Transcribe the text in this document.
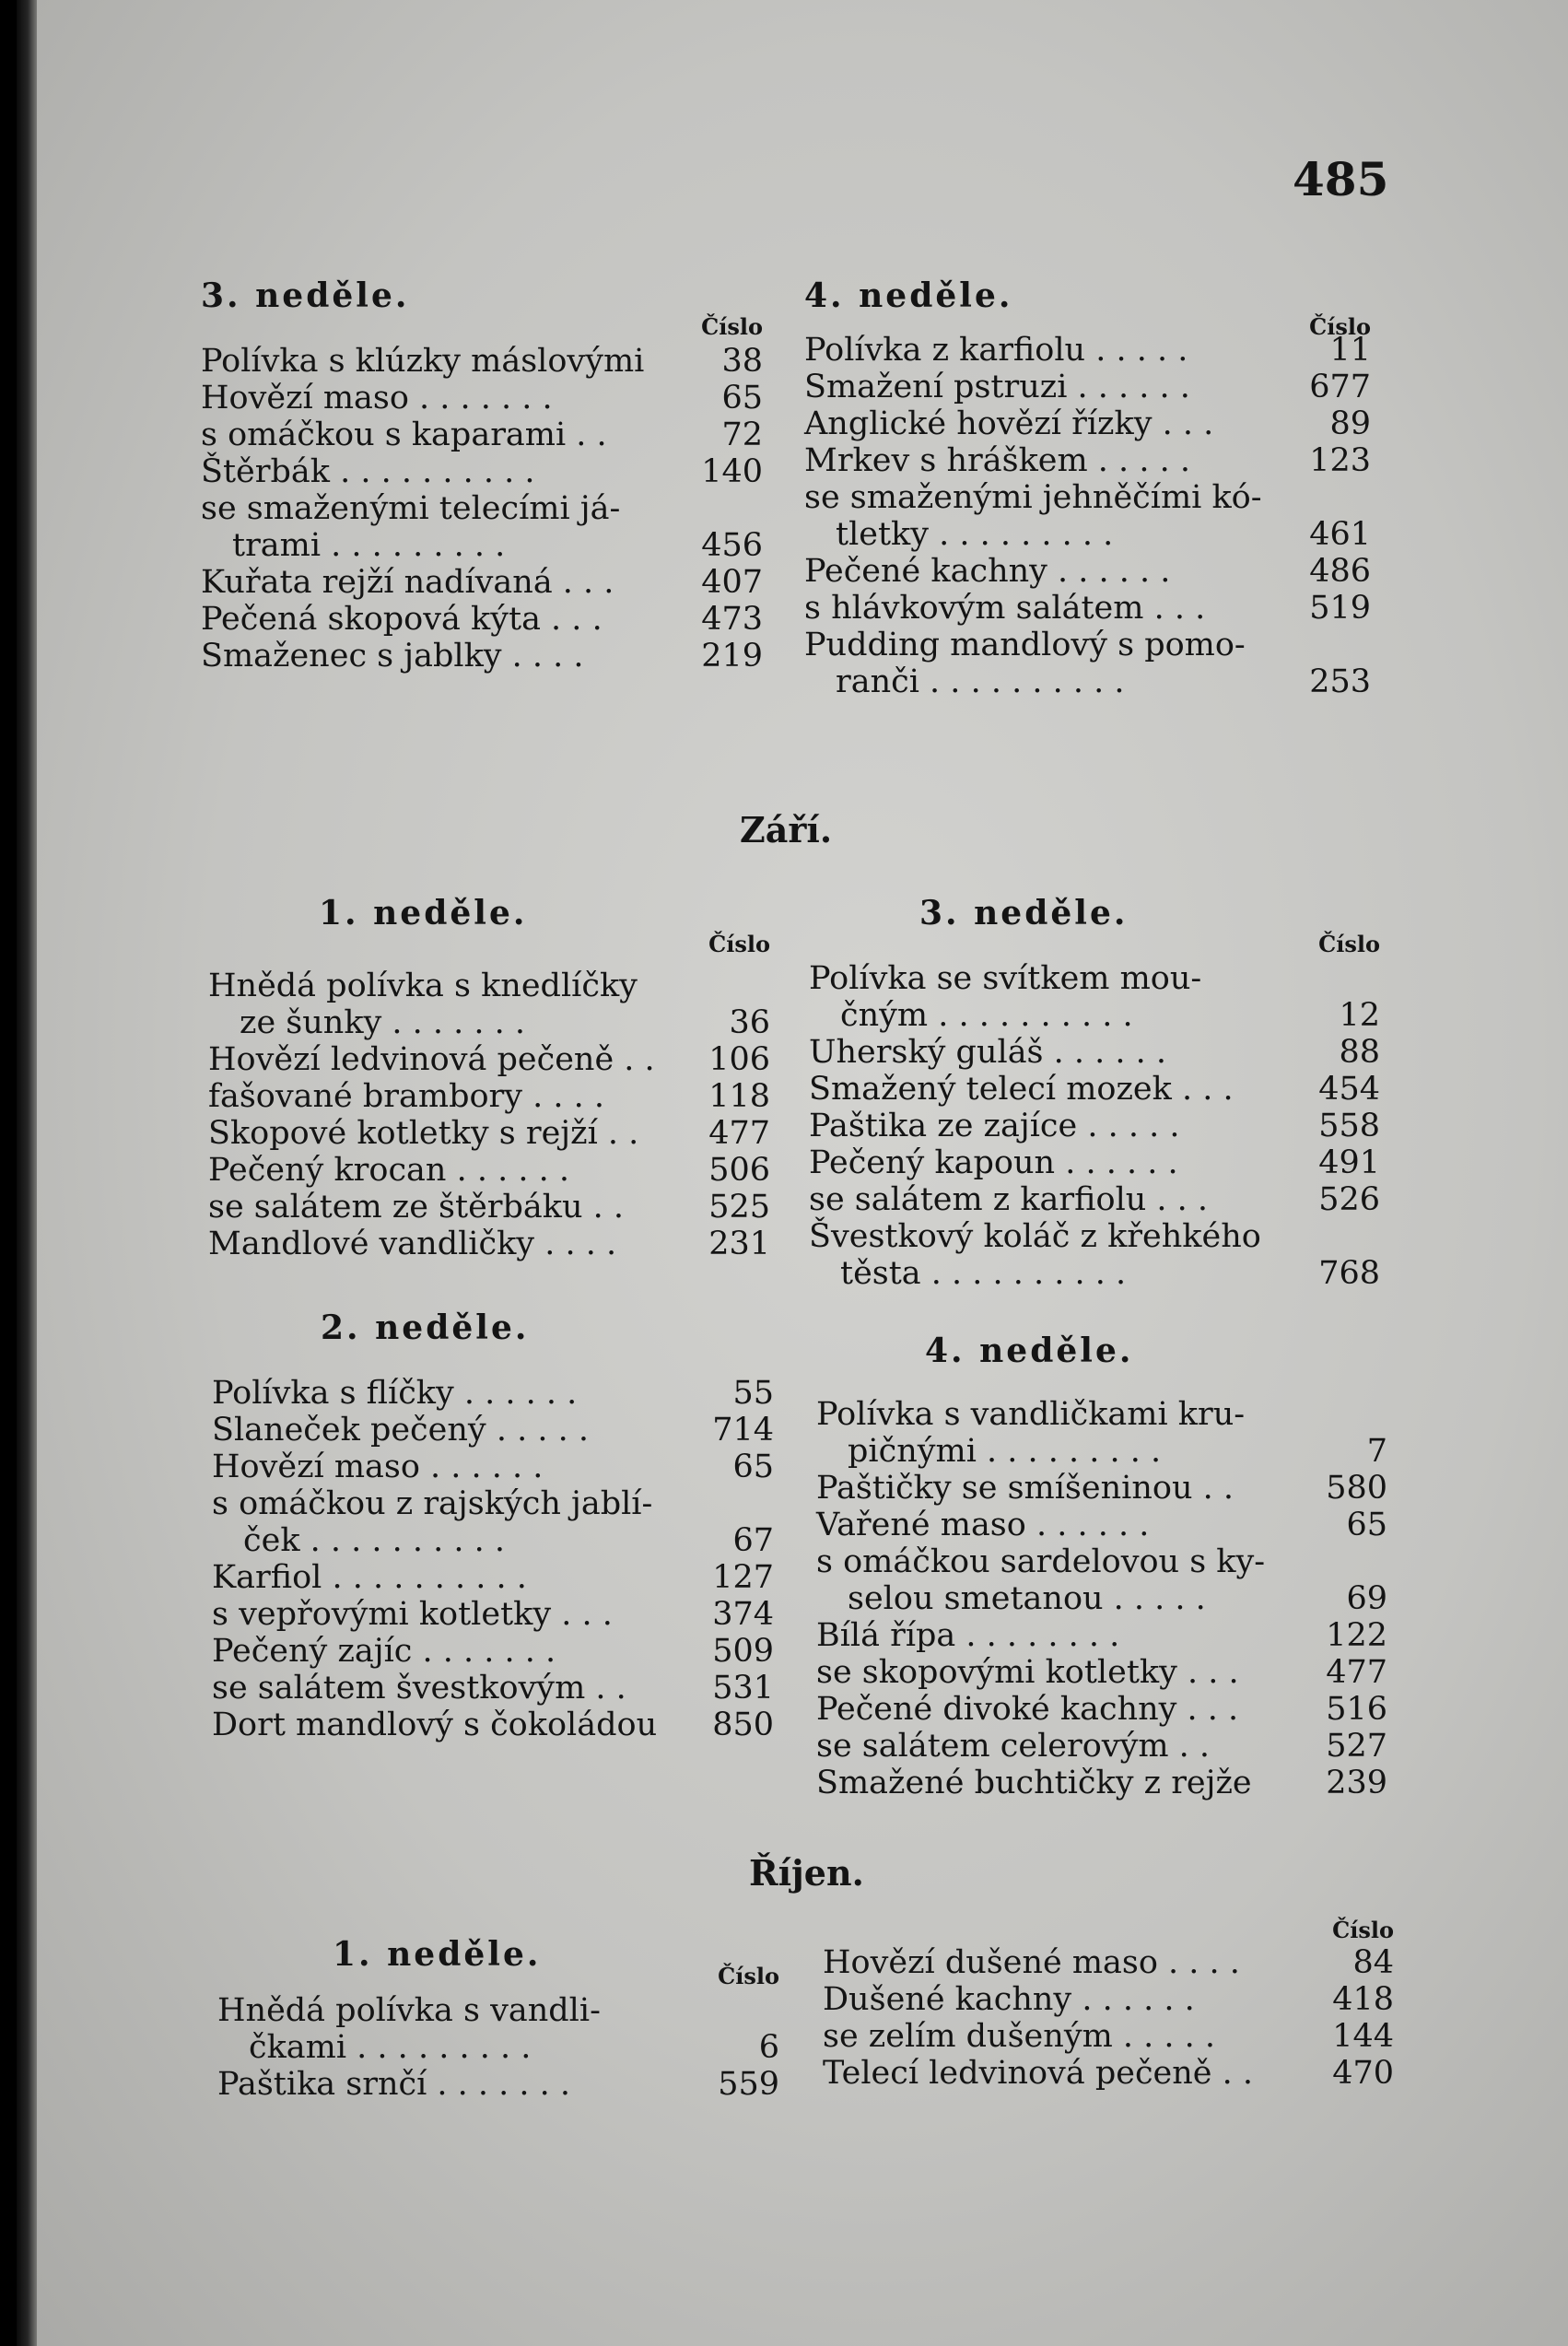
485
3. neděle.
Číslo
Polívka s klúzky máslovými 38
Hovězí maso . . . . . . .	65
s omáčkou s kaparami . .	72
Štěrbák . . . . . . . . . .	140
se smaženými telecími já-
trami . . . . . . . . .	456
Kuřata rejží nadívaná . . .	407
Pečená skopová kýta . . .	473
Smaženec s jablky . . . .	219
4. neděle.
Číslo
Polívka z karfiolu . . . . .	11
Smažení pstruzi . . . . . .	677
Anglické hovězí řízky . . .	89
Mrkev s hráškem . . . . .	123
se smaženými jehněčími kó-
tletky . . . . . . . . .	461
Pečené kachny . . . . . .	486
s hlávkovým salátem . . .	519
Pudding mandlový s pomo-
ranči . . . . . . . . . .	253
Září.
1. neděle.
Číslo
Hnědá polívka s knedlíčky
ze šunky . . . . . . .	36
Hovězí ledvinová pečeně . . 106
fašované brambory . . . .	118
Skopové kotletky s rejží . . 477
Pečený krocan . . . . . .	506
se salátem ze štěrbáku . .	525
Mandlové vandličky . . . .	231
3. neděle.
Číslo
Polívka se svítkem mou-
čným . . . . . . . . . .	12
Uherský guláš . . . . . .	88
Smažený telecí mozek . . .	454
Paštika ze zajíce . . . . .	558
Pečený kapoun . . . . . .	491
se salátem z karfiolu . . .	526
Švestkový koláč z křehkého
těsta . . . . . . . . . .	768
2. neděle.
Polívka s flíčky . . . . . .	55
Slaneček pečený . . . . .	714
Hovězí maso . . . . . .	65
s omáčkou z rajských jablí-
ček . . . . . . . . . .	67
Karfiol . . . . . . . . . .	127
s vepřovými kotletky . . .	374
Pečený zajíc . . . . . . .	509
se salátem švestkovým . .	531
Dort mandlový s čokoládou 850
4. neděle.
Polívka s vandličkami kru-
pičnými . . . . . . . . .	7
Paštičky se smíšeninou . .	580
Vařené maso . . . . . .	65
s omáčkou sardelovou s ky-
selou smetanou . . . . .	69
Bílá řípa . . . . . . . .	122
se skopovými kotletky . . .	477
Pečené divoké kachny . . .	516
se salátem celerovým . .	527
Smažené buchtičky z rejže 239
Říjen.
1. neděle.
Číslo
Hnědá polívka s vandli-
čkami . . . . . . . . .	6
Paštika srnčí . . . . . . .	559
Číslo
Hovězí dušené maso . . . .	84
Dušené kachny . . . . . .	418
se zelím dušeným . . . . .	144
Telecí ledvinová pečeně . . 470
